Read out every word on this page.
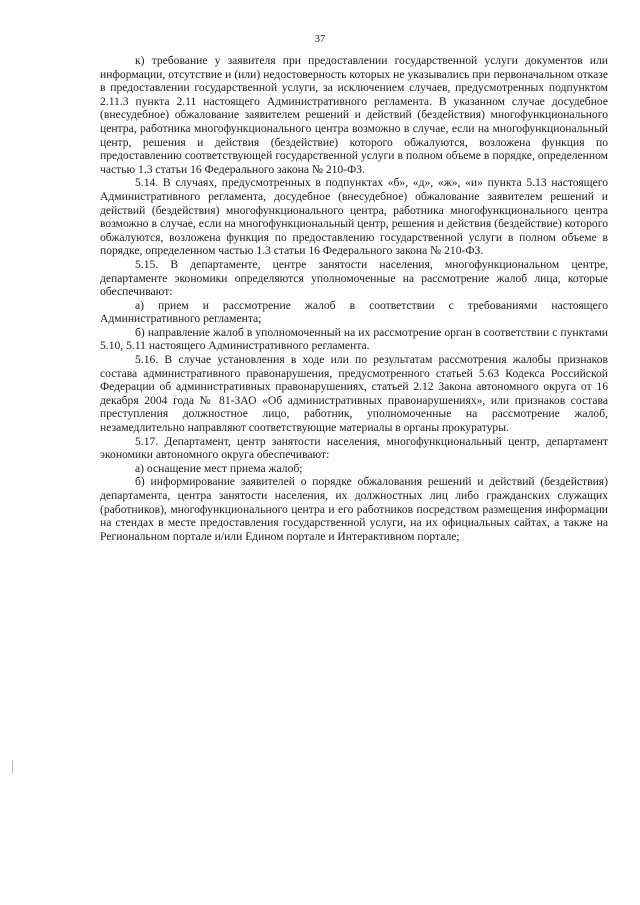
37

к) требование у заявителя при предоставлении государственной услуги документов или информации, отсутствие и (или) недостоверность которых не указывались при первоначальном отказе в предоставлении государственной услуги, за исключением случаев, предусмотренных подпунктом 2.11.3 пункта 2.11 настоящего Административного регламента. В указанном случае досудебное (внесудебное) обжалование заявителем решений и действий (бездействия) многофункционального центра, работника многофункционального центра возможно в случае, если на многофункциональный центр, решения и действия (бездействие) которого обжалуются, возложена функция по предоставлению соответствующей государственной услуги в полном объеме в порядке, определенном частью 1.3 статьи 16 Федерального закона № 210-ФЗ.

5.14. В случаях, предусмотренных в подпунктах «б», «д», «ж», «и» пункта 5.13 настоящего Административного регламента, досудебное (внесудебное) обжалование заявителем решений и действий (бездействия) многофункционального центра, работника многофункционального центра возможно в случае, если на многофункциональный центр, решения и действия (бездействие) которого обжалуются, возложена функция по предоставлению государственной услуги в полном объеме в порядке, определенном частью 1.3 статьи 16 Федерального закона № 210-ФЗ.

5.15. В департаменте, центре занятости населения, многофункциональном центре, департаменте экономики определяются уполномоченные на рассмотрение жалоб лица, которые обеспечивают:

а) прием и рассмотрение жалоб в соответствии с требованиями настоящего Административного регламента;

б) направление жалоб в уполномоченный на их рассмотрение орган в соответствии с пунктами 5.10, 5.11 настоящего Административного регламента.

5.16. В случае установления в ходе или по результатам рассмотрения жалобы признаков состава административного правонарушения, предусмотренного статьей 5.63 Кодекса Российской Федерации об административных правонарушениях, статьей 2.12 Закона автономного округа от 16 декабря 2004 года № 81-ЗАО «Об административных правонарушениях», или признаков состава преступления должностное лицо, работник, уполномоченные на рассмотрение жалоб, незамедлительно направляют соответствующие материалы в органы прокуратуры.

5.17. Департамент, центр занятости населения, многофункциональный центр, департамент экономики автономного округа обеспечивают:

а) оснащение мест приема жалоб;

б) информирование заявителей о порядке обжалования решений и действий (бездействия) департамента, центра занятости населения, их должностных лиц либо гражданских служащих (работников), многофункционального центра и его работников посредством размещения информации на стендах в месте предоставления государственной услуги, на их официальных сайтах, а также на Региональном портале и/или Едином портале и Интерактивном портале;
